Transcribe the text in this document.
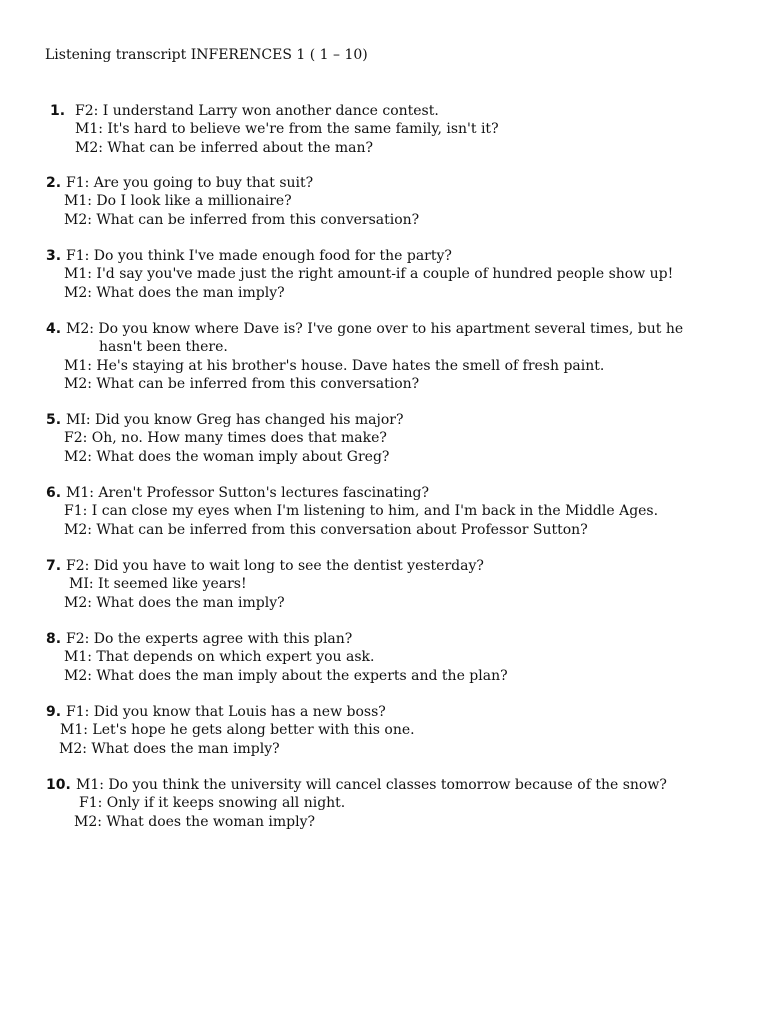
Listening transcript INFERENCES 1 ( 1 – 10)
F2: I understand Larry won another dance contest.
M1: It's hard to believe we're from the same family, isn't it?
M2: What can be inferred about the man?
1.
F1: Are you going to buy that suit?
M1: Do I look like a millionaire?
M2: What can be inferred from this conversation?
2.
F1: Do you think I've made enough food for the party?
M1: I'd say you've made just the right amount-if a couple of hundred people show up!
M2: What does the man imply?
3.
M2: Do you know where Dave is? I've gone over to his apartment several times, but he
hasn't been there.
M1: He's staying at his brother's house. Dave hates the smell of fresh paint.
M2: What can be inferred from this conversation?
4.
MI: Did you know Greg has changed his major?
F2: Oh, no. How many times does that make?
M2: What does the woman imply about Greg?
5.
M1: Aren't Professor Sutton's lectures fascinating?
F1: I can close my eyes when I'm listening to him, and I'm back in the Middle Ages.
M2: What can be inferred from this conversation about Professor Sutton?
6.
F2: Did you have to wait long to see the dentist yesterday?
MI: It seemed like years!
M2: What does the man imply?
7.
F2: Do the experts agree with this plan?
M1: That depends on which expert you ask.
M2: What does the man imply about the experts and the plan?
8.
F1: Did you know that Louis has a new boss?
M1: Let's hope he gets along better with this one.
M2: What does the man imply?
9.
M1: Do you think the university will cancel classes tomorrow because of the snow?
F1: Only if it keeps snowing all night.
M2: What does the woman imply?
10.
